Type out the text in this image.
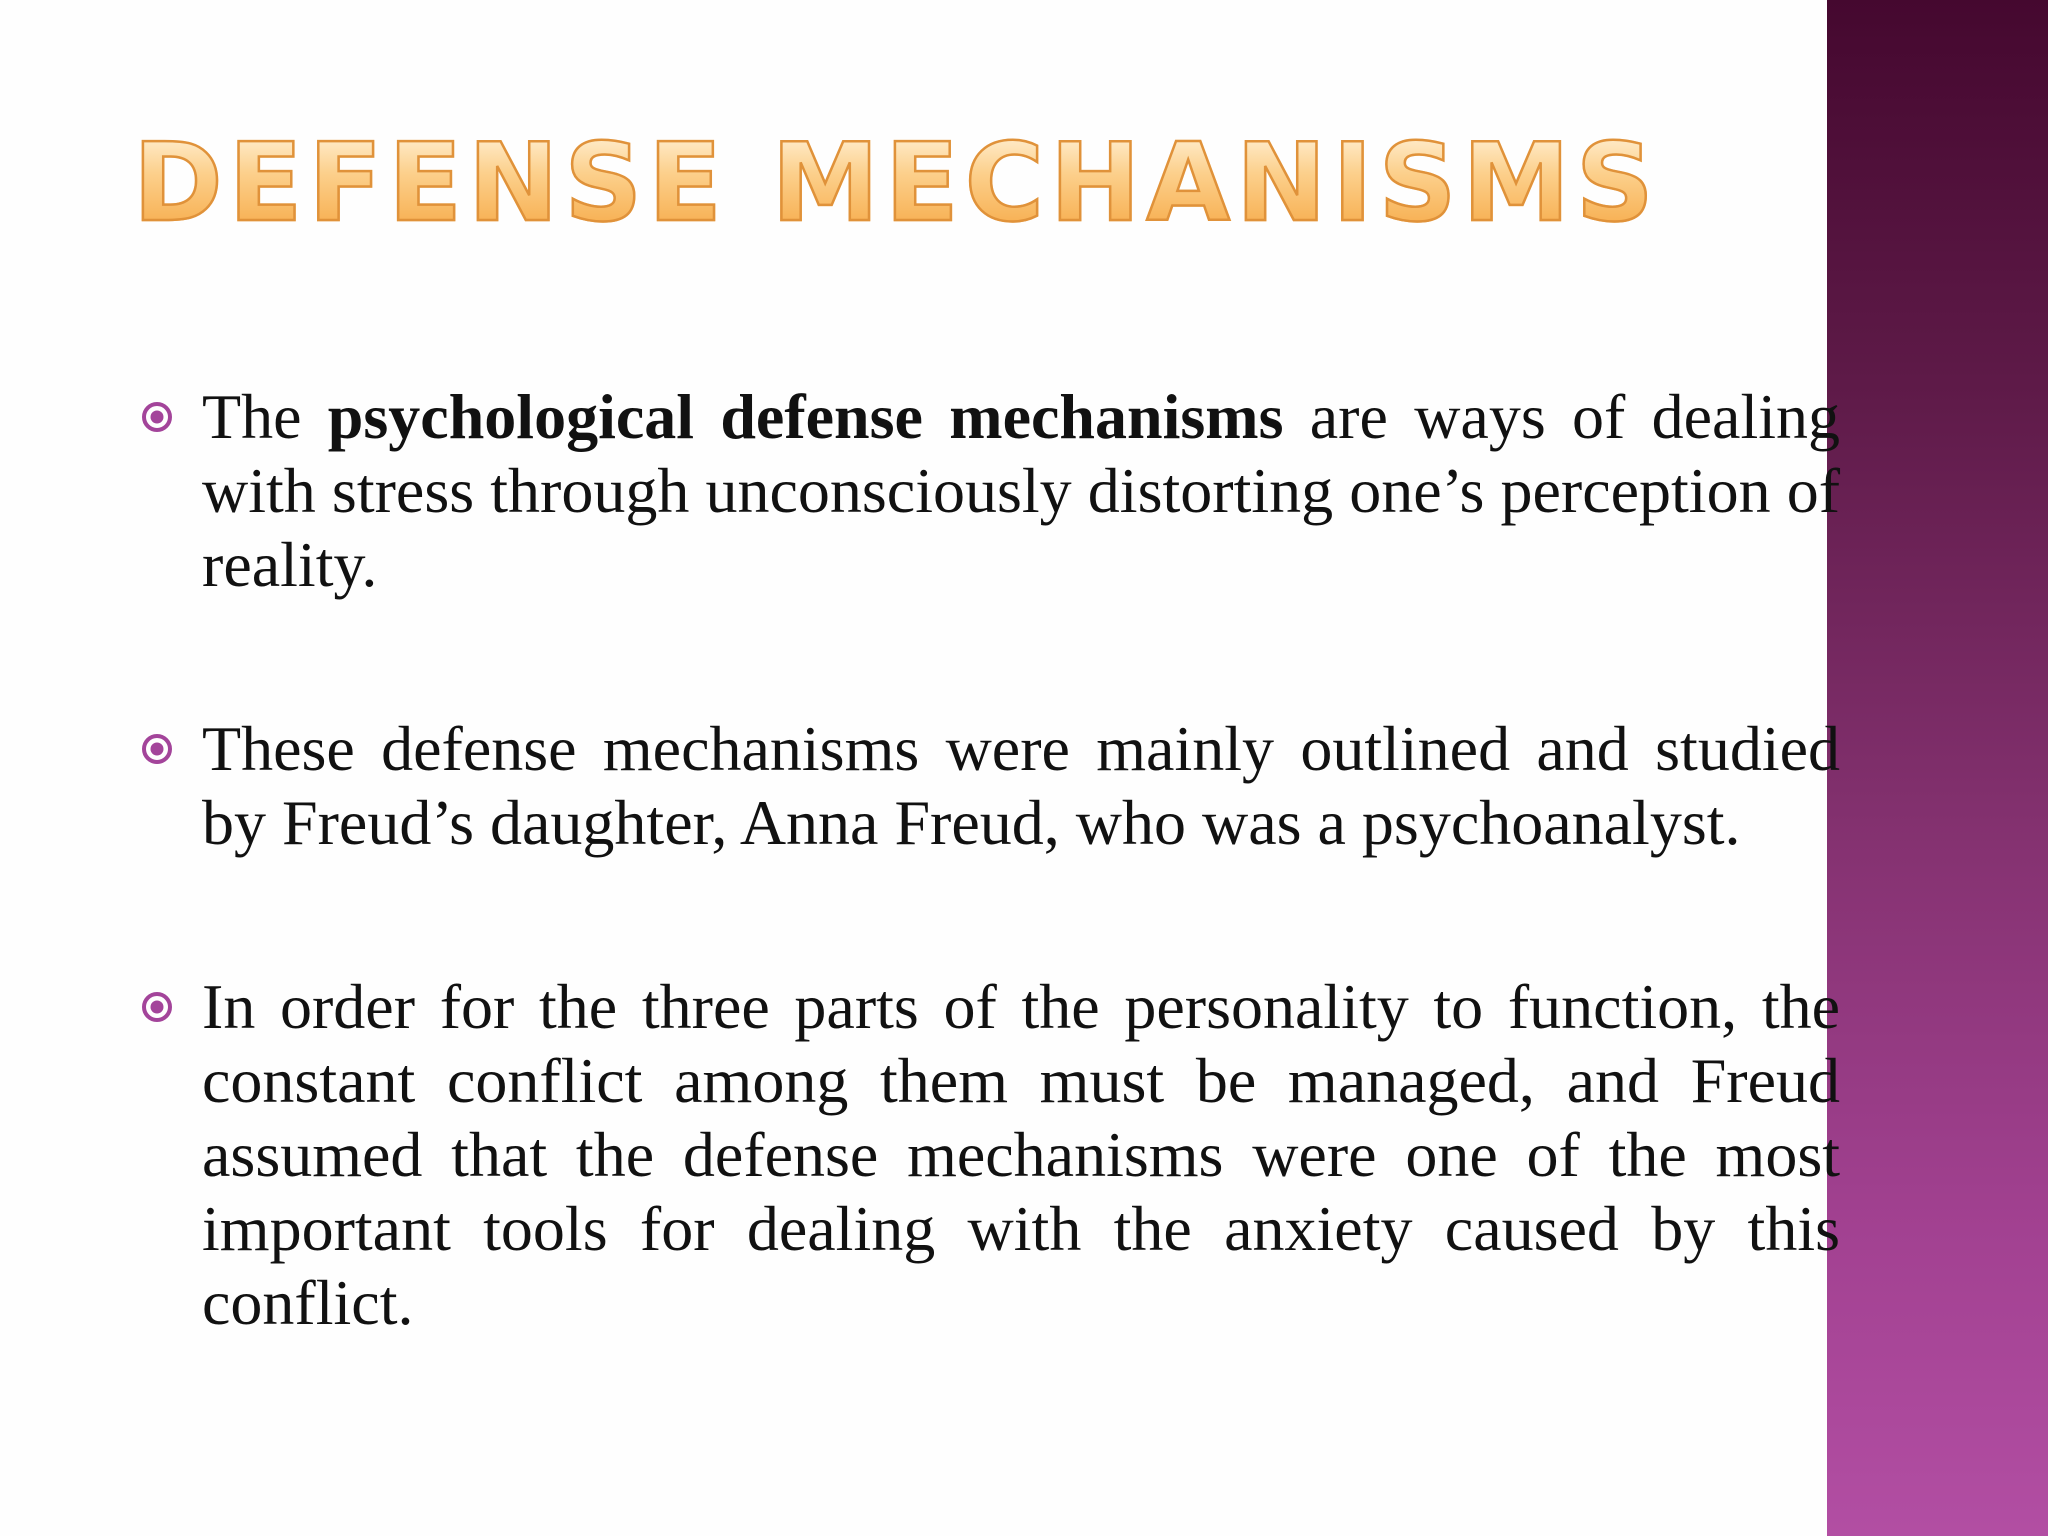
DEFENSE MECHANISMS
The psychological defense mechanisms are ways of dealing with stress through unconsciously distorting one’s perception of reality.
These defense mechanisms were mainly outlined and studied by Freud’s daughter, Anna Freud, who was a psychoanalyst.
In order for the three parts of the personality to function, the constant conflict among them must be managed, and Freud assumed that the defense mechanisms were one of the most important tools for dealing with the anxiety caused by this conflict.
